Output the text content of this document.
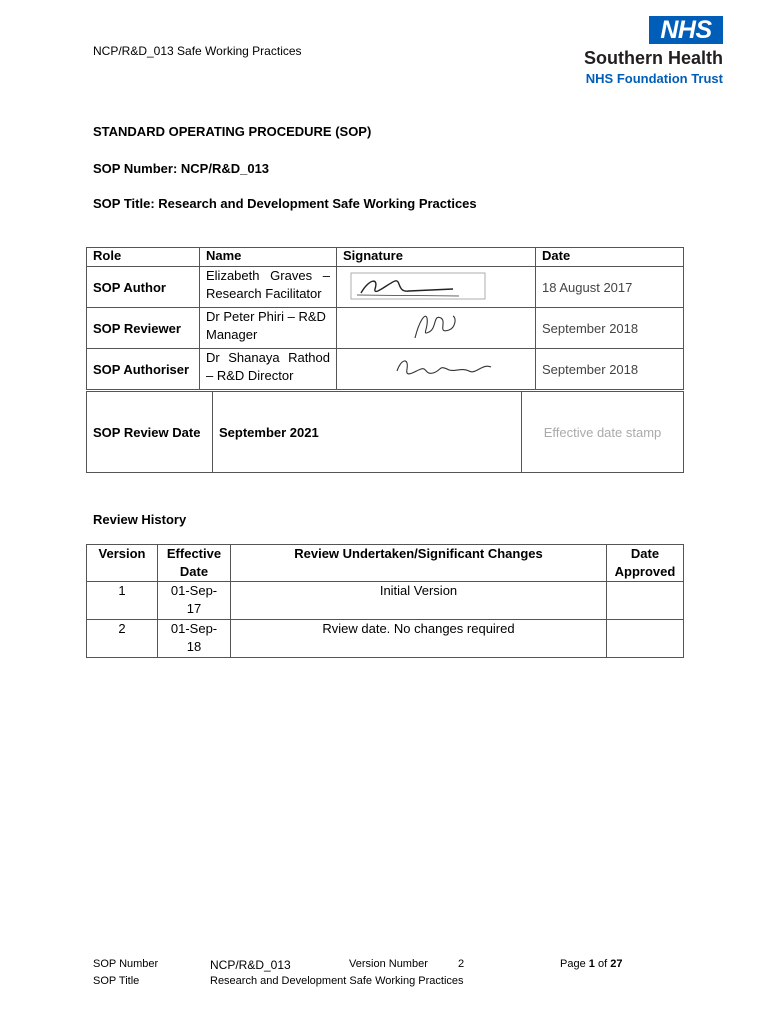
NCP/R&D_013 Safe Working Practices
NHS
Southern Health
NHS Foundation Trust
STANDARD OPERATING PROCEDURE (SOP)
SOP Number: NCP/R&D_013
SOP Title: Research and Development Safe Working Practices
Role	Name	Signature	Date
SOP Author	Elizabeth Graves – Research Facilitator		18 August 2017
SOP Reviewer	Dr Peter Phiri – R&D Manager		September 2018
SOP Authoriser	Dr Shanaya Rathod – R&D Director		September 2018
SOP Review Date	September 2021	Effective date stamp
Review History
Version	Effective Date	Review Undertaken/Significant Changes	Date Approved
1	01-Sep-17	Initial Version	
2	01-Sep-18	Rview date. No changes required	
SOP Number	NCP/R&D_013	Version Number	2	Page 1 of 27
SOP Title	Research and Development Safe Working Practices
